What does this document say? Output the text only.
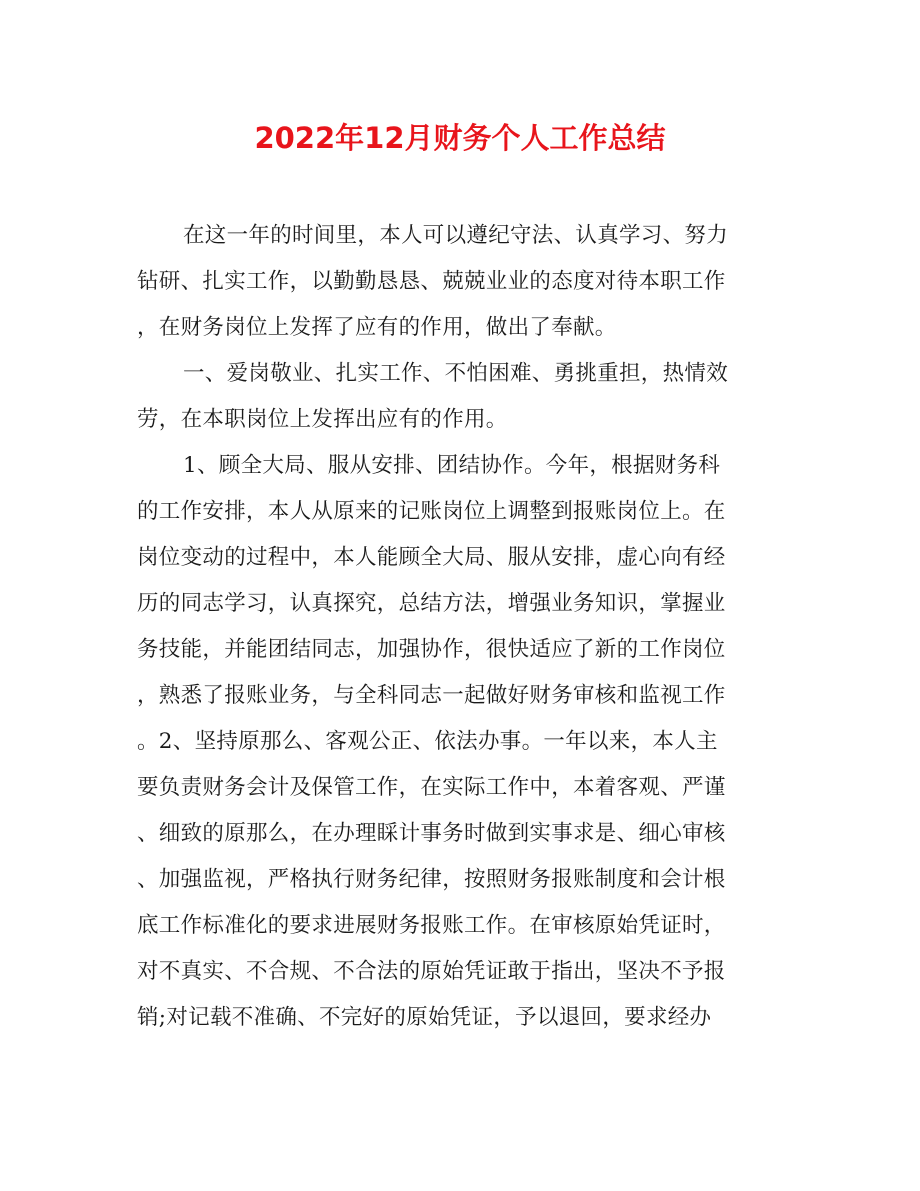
2022年12月财务个人工作总结
在这一年的时间里，本人可以遵纪守法、认真学习、努力
钻研、扎实工作，以勤勤恳恳、兢兢业业的态度对待本职工作
，在财务岗位上发挥了应有的作用，做出了奉献。
一、爱岗敬业、扎实工作、不怕困难、勇挑重担，热情效
劳，在本职岗位上发挥出应有的作用。
1、顾全大局、服从安排、团结协作。今年，根据财务科
的工作安排，本人从原来的记账岗位上调整到报账岗位上。在
岗位变动的过程中，本人能顾全大局、服从安排，虚心向有经
历的同志学习，认真探究，总结方法，增强业务知识，掌握业
务技能，并能团结同志，加强协作，很快适应了新的工作岗位
，熟悉了报账业务，与全科同志一起做好财务审核和监视工作
。2、坚持原那么、客观公正、依法办事。一年以来，本人主
要负责财务会计及保管工作，在实际工作中，本着客观、严谨
、细致的原那么，在办理睬计事务时做到实事求是、细心审核
、加强监视，严格执行财务纪律，按照财务报账制度和会计根
底工作标准化的要求进展财务报账工作。在审核原始凭证时，
对不真实、不合规、不合法的原始凭证敢于指出，坚决不予报
销;对记载不准确、不完好的原始凭证，予以退回，要求经办
